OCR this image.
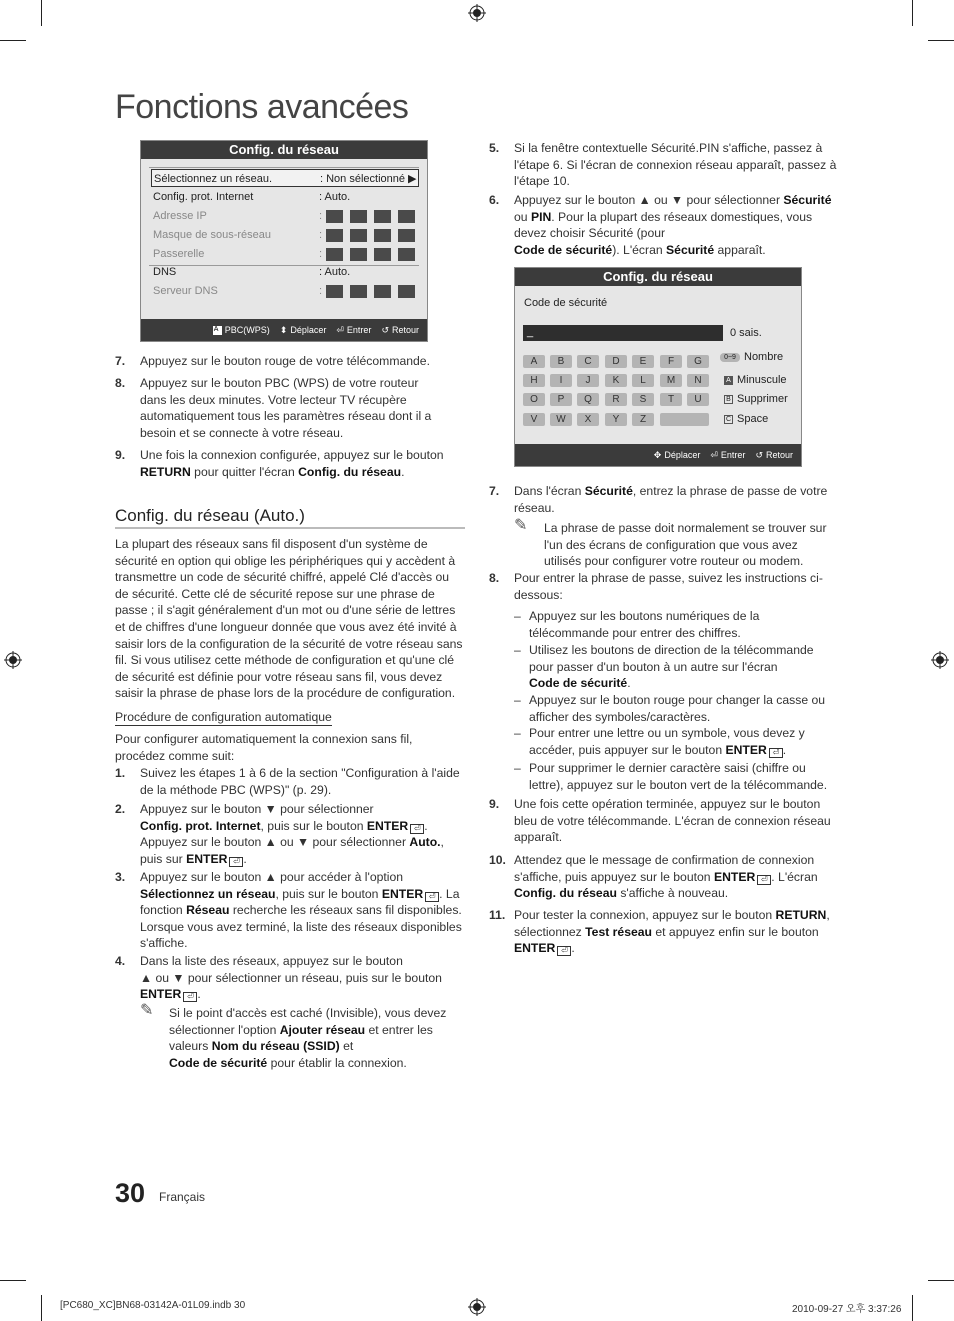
Fonctions avancées
Config. du réseau
Sélectionnez un réseau.	: Non sélectionné ▶
Config. prot. Internet	: Auto.
Adresse IP	:
Masque de sous-réseau	:
Passerelle	:
DNS	: Auto.
Serveur DNS	:
A PBC(WPS) ⬍ Déplacer ⏎ Entrer ↺ Retour
7. Appuyez sur le bouton rouge de votre télécommande.
8. Appuyez sur le bouton PBC (WPS) de votre routeur dans les deux minutes. Votre lecteur TV récupère automatiquement tous les paramètres réseau dont il a besoin et se connecte à votre réseau.
9. Une fois la connexion configurée, appuyez sur le bouton RETURN pour quitter l'écran Config. du réseau.
Config. du réseau (Auto.)
La plupart des réseaux sans fil disposent d'un système de sécurité en option qui oblige les périphériques qui y accèdent à transmettre un code de sécurité chiffré, appelé Clé d'accès ou de sécurité. Cette clé de sécurité repose sur une phrase de passe ; il s'agit généralement d'un mot ou d'une série de lettres et de chiffres d'une longueur donnée que vous avez été invité à saisir lors de la configuration de la sécurité de votre réseau sans fil. Si vous utilisez cette méthode de configuration et qu'une clé de sécurité est définie pour votre réseau sans fil, vous devez saisir la phrase de phase lors de la procédure de configuration.
Procédure de configuration automatique
Pour configurer automatiquement la connexion sans fil, procédez comme suit:
1. Suivez les étapes 1 à 6 de la section "Configuration à l'aide de la méthode PBC (WPS)" (p. 29).
2. Appuyez sur le bouton ▼ pour sélectionner
Config. prot. Internet, puis sur le bouton ENTER ⏎ .
Appuyez sur le bouton ▲ ou ▼ pour sélectionner Auto.,
puis sur ENTER ⏎ .
3. Appuyez sur le bouton ▲ pour accéder à l'option
Sélectionnez un réseau, puis sur le bouton ENTER ⏎ . La
fonction Réseau recherche les réseaux sans fil disponibles.
Lorsque vous avez terminé, la liste des réseaux disponibles s'affiche.
4. Dans la liste des réseaux, appuyez sur le bouton
▲ ou ▼ pour sélectionner un réseau, puis sur le bouton
ENTER ⏎ .
✎ Si le point d'accès est caché (Invisible), vous devez sélectionner l'option Ajouter réseau et entrer les valeurs Nom du réseau (SSID) et
Code de sécurité pour établir la connexion.
5. Si la fenêtre contextuelle Sécurité.PIN s'affiche, passez à l'étape 6. Si l'écran de connexion réseau apparaît, passez à l'étape 10.
6. Appuyez sur le bouton ▲ ou ▼ pour sélectionner Sécurité
ou PIN. Pour la plupart des réseaux domestiques, vous devez choisir Sécurité (pour
Code de sécurité). L'écran Sécurité apparaît.
Config. du réseau
Code de sécurité
_	0 sais.
A	B	C	D	E	F	G
H	I	J	K	L	M	N
O	P	Q	R	S	T	U
V	W	X	Y	Z
0~9 Nombre
A Minuscule
B Supprimer
C Space
✥ Déplacer ⏎ Entrer ↺ Retour
7. Dans l'écran Sécurité, entrez la phrase de passe de votre réseau.
✎ La phrase de passe doit normalement se trouver sur l'un des écrans de configuration que vous avez utilisés pour configurer votre routeur ou modem.
8. Pour entrer la phrase de passe, suivez les instructions ci-dessous:
– Appuyez sur les boutons numériques de la télécommande pour entrer des chiffres.
– Utilisez les boutons de direction de la télécommande pour passer d'un bouton à un autre sur l'écran
Code de sécurité.
– Appuyez sur le bouton rouge pour changer la casse ou afficher des symboles/caractères.
– Pour entrer une lettre ou un symbole, vous devez y accéder, puis appuyer sur le bouton ENTER ⏎ .
– Pour supprimer le dernier caractère saisi (chiffre ou lettre), appuyez sur le bouton vert de la télécommande.
9. Une fois cette opération terminée, appuyez sur le bouton bleu de votre télécommande. L'écran de connexion réseau apparaît.
10. Attendez que le message de confirmation de connexion s'affiche, puis appuyez sur le bouton ENTER ⏎ . L'écran
Config. du réseau s'affiche à nouveau.
11. Pour tester la connexion, appuyez sur le bouton RETURN,
sélectionnez Test réseau et appuyez enfin sur le bouton
ENTER ⏎ .
30 Français
[PC680_XC]BN68-03142A-01L09.indb 30	2010-09-27 오후 3:37:26
